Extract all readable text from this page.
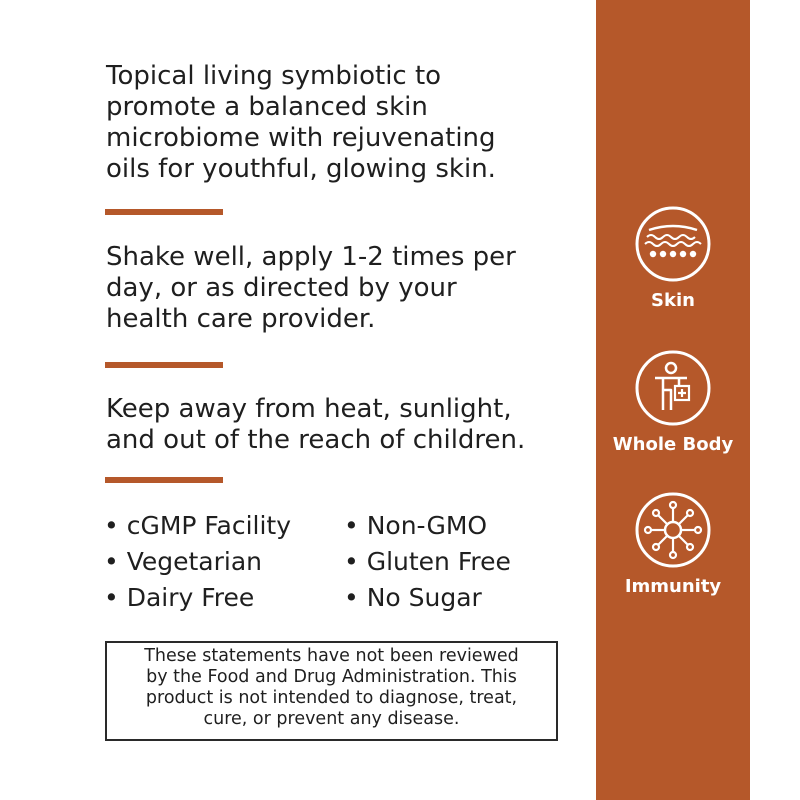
Topical living symbiotic to
promote a balanced skin
microbiome with rejuvenating
oils for youthful, glowing skin.

Shake well, apply 1-2 times per
day, or as directed by your
health care provider.

Keep away from heat, sunlight,
and out of the reach of children.

• cGMP Facility	• Non-GMO
• Vegetarian	• Gluten Free
• Dairy Free	• No Sugar
These statements have not been reviewed
by the Food and Drug Administration. This
product is not intended to diagnose, treat,
cure, or prevent any disease.
Skin
Whole Body
Immunity
